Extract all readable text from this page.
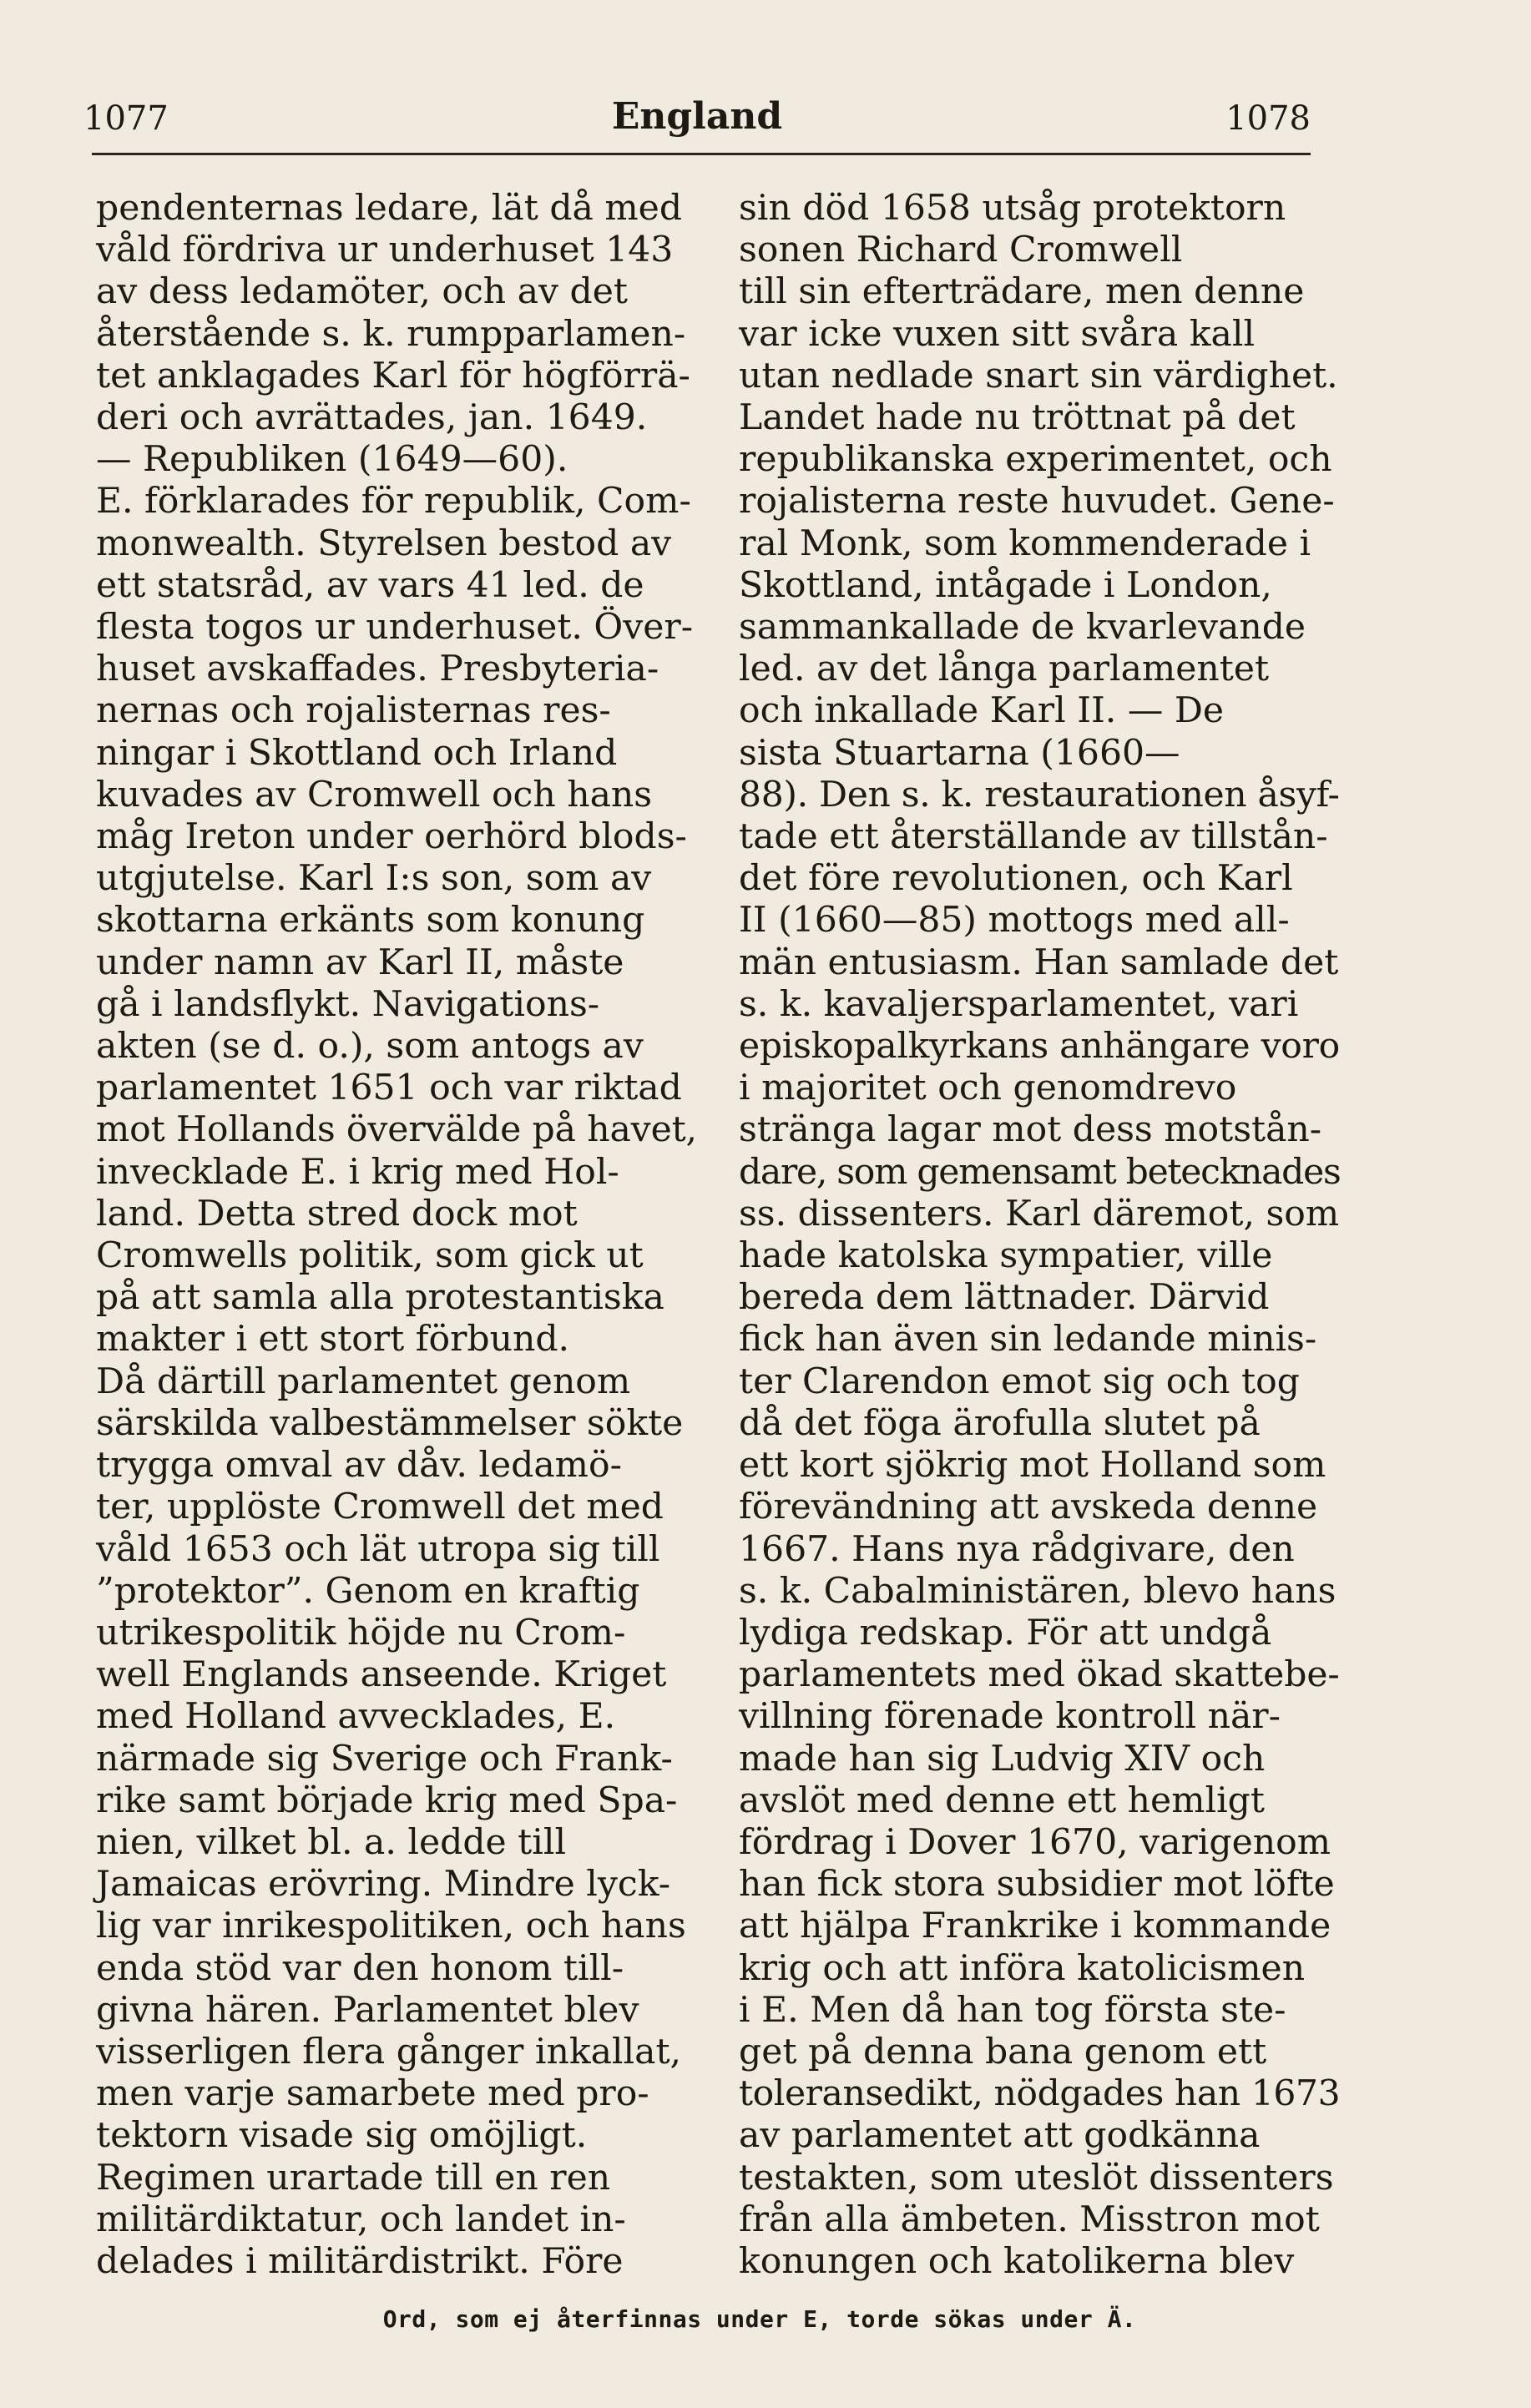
1077	England	1078
pendenternas ledare, lät då med
våld fördriva ur underhuset 143
av dess ledamöter, och av det
återstående s. k. rumpparlamen-
tet anklagades Karl för högförrä-
deri och avrättades, jan. 1649.
— Republiken (1649—60).
E. förklarades för republik, Com-
monwealth. Styrelsen bestod av
ett statsråd, av vars 41 led. de
flesta togos ur underhuset. Över-
huset avskaffades. Presbyteria-
nernas och rojalisternas res-
ningar i Skottland och Irland
kuvades av Cromwell och hans
måg Ireton under oerhörd blods-
utgjutelse. Karl I:s son, som av
skottarna erkänts som konung
under namn av Karl II, måste
gå i landsflykt. Navigations-
akten (se d. o.), som antogs av
parlamentet 1651 och var riktad
mot Hollands övervälde på havet,
invecklade E. i krig med Hol-
land. Detta stred dock mot
Cromwells politik, som gick ut
på att samla alla protestantiska
makter i ett stort förbund.
Då därtill parlamentet genom
särskilda valbestämmelser sökte
trygga omval av dåv. ledamö-
ter, upplöste Cromwell det med
våld 1653 och lät utropa sig till
”protektor”. Genom en kraftig
utrikespolitik höjde nu Crom-
well Englands anseende. Kriget
med Holland avvecklades, E.
närmade sig Sverige och Frank-
rike samt började krig med Spa-
nien, vilket bl. a. ledde till
Jamaicas erövring. Mindre lyck-
lig var inrikespolitiken, och hans
enda stöd var den honom till-
givna hären. Parlamentet blev
visserligen flera gånger inkallat,
men varje samarbete med pro-
tektorn visade sig omöjligt.
Regimen urartade till en ren
militärdiktatur, och landet in-
delades i militärdistrikt. Före
sin död 1658 utsåg protektorn
sonen Richard Cromwell
till sin efterträdare, men denne
var icke vuxen sitt svåra kall
utan nedlade snart sin värdighet.
Landet hade nu tröttnat på det
republikanska experimentet, och
rojalisterna reste huvudet. Gene-
ral Monk, som kommenderade i
Skottland, intågade i London,
sammankallade de kvarlevande
led. av det långa parlamentet
och inkallade Karl II. — De
sista Stuartarna (1660—
88). Den s. k. restaurationen åsyf-
tade ett återställande av tillstån-
det före revolutionen, och Karl
II (1660—85) mottogs med all-
män entusiasm. Han samlade det
s. k. kavaljersparlamentet, vari
episkopalkyrkans anhängare voro
i majoritet och genomdrevo
stränga lagar mot dess motstån-
dare, som gemensamt betecknades
ss. dissenters. Karl däremot, som
hade katolska sympatier, ville
bereda dem lättnader. Därvid
fick han även sin ledande minis-
ter Clarendon emot sig och tog
då det föga ärofulla slutet på
ett kort sjökrig mot Holland som
förevändning att avskeda denne
1667. Hans nya rådgivare, den
s. k. Cabalministären, blevo hans
lydiga redskap. För att undgå
parlamentets med ökad skattebe-
villning förenade kontroll när-
made han sig Ludvig XIV och
avslöt med denne ett hemligt
fördrag i Dover 1670, varigenom
han fick stora subsidier mot löfte
att hjälpa Frankrike i kommande
krig och att införa katolicismen
i E. Men då han tog första ste-
get på denna bana genom ett
toleransedikt, nödgades han 1673
av parlamentet att godkänna
testakten, som uteslöt dissenters
från alla ämbeten. Misstron mot
konungen och katolikerna blev
Ord, som ej återfinnas under E, torde sökas under Ä.
